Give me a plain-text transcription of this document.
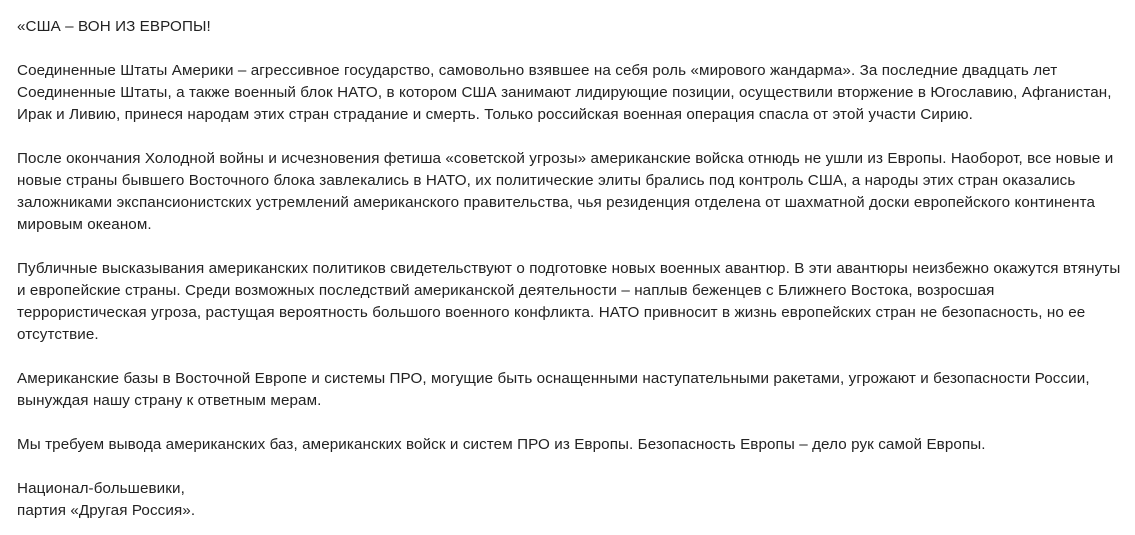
«США – ВОН ИЗ ЕВРОПЫ!

Соединенные Штаты Америки – агрессивное государство, самовольно взявшее на себя роль «мирового жандарма». За последние двадцать лет Соединенные Штаты, а также военный блок НАТО, в котором США занимают лидирующие позиции, осуществили вторжение в Югославию, Афганистан, Ирак и Ливию, принеся народам этих стран страдание и смерть. Только российская военная операция спасла от этой участи Сирию.

После окончания Холодной войны и исчезновения фетиша «советской угрозы» американские войска отнюдь не ушли из Европы. Наоборот, все новые и новые страны бывшего Восточного блока завлекались в НАТО, их политические элиты брались под контроль США, а народы этих стран оказались заложниками экспансионистских устремлений американского правительства, чья резиденция отделена от шахматной доски европейского континента мировым океаном.

Публичные высказывания американских политиков свидетельствуют о подготовке новых военных авантюр. В эти авантюры неизбежно окажутся втянуты и европейские страны. Среди возможных последствий американской деятельности – наплыв беженцев с Ближнего Востока, возросшая террористическая угроза, растущая вероятность большого военного конфликта. НАТО привносит в жизнь европейских стран не безопасность, но ее отсутствие.

Американские базы в Восточной Европе и системы ПРО, могущие быть оснащенными наступательными ракетами, угрожают и безопасности России, вынуждая нашу страну к ответным мерам.

Мы требуем вывода американских баз, американских войск и систем ПРО из Европы. Безопасность Европы – дело рук самой Европы.

Национал-большевики,
партия «Другая Россия».
